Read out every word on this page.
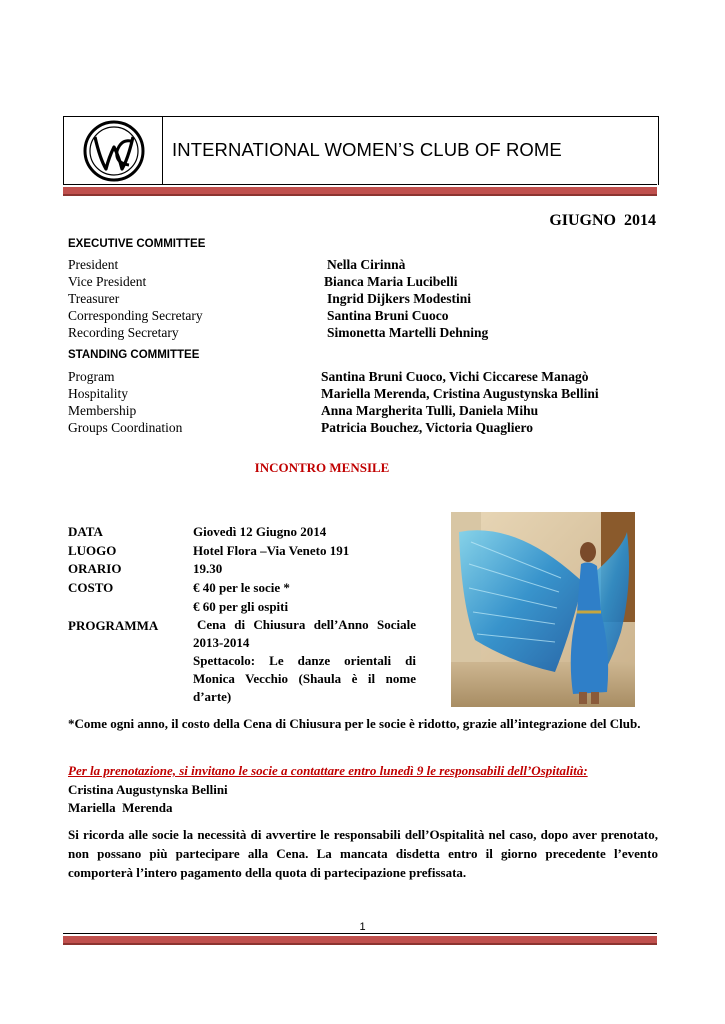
INTERNATIONAL WOMEN’S CLUB OF ROME
GIUGNO  2014
EXECUTIVE COMMITTEE
President	Nella Cirinnà
Vice President	Bianca Maria Lucibelli
Treasurer	Ingrid Dijkers Modestini
Corresponding Secretary	Santina Bruni Cuoco
Recording Secretary	Simonetta Martelli Dehning
STANDING COMMITTEE
Program	Santina Bruni Cuoco, Vichi Ciccarese Managò
Hospitality	Mariella Merenda, Cristina Augustynska Bellini
Membership	Anna Margherita Tulli, Daniela Mihu
Groups Coordination	Patricia Bouchez, Victoria Quagliero
INCONTRO MENSILE
DATA	Giovedì 12 Giugno 2014
LUOGO	Hotel Flora –Via Veneto 191
ORARIO	19.30
COSTO	€ 40 per le socie *
€ 60 per gli ospiti
PROGRAMMA	Cena di Chiusura dell’Anno Sociale 2013-2014
Spettacolo: Le danze orientali di Monica Vecchio (Shaula è il nome d’arte)
*Come ogni anno, il costo della Cena di Chiusura per le socie è ridotto, grazie all’integrazione del Club.
Per la prenotazione, si invitano le socie a contattare entro lunedì 9 le responsabili dell’Ospitalità:
Cristina Augustynska Bellini
Mariella  Merenda
Si ricorda alle socie la necessità di avvertire le responsabili dell’Ospitalità nel caso, dopo aver prenotato, non possano più partecipare alla Cena. La mancata disdetta entro il giorno precedente l’evento comporterà l’intero pagamento della quota di partecipazione prefissata.
1
